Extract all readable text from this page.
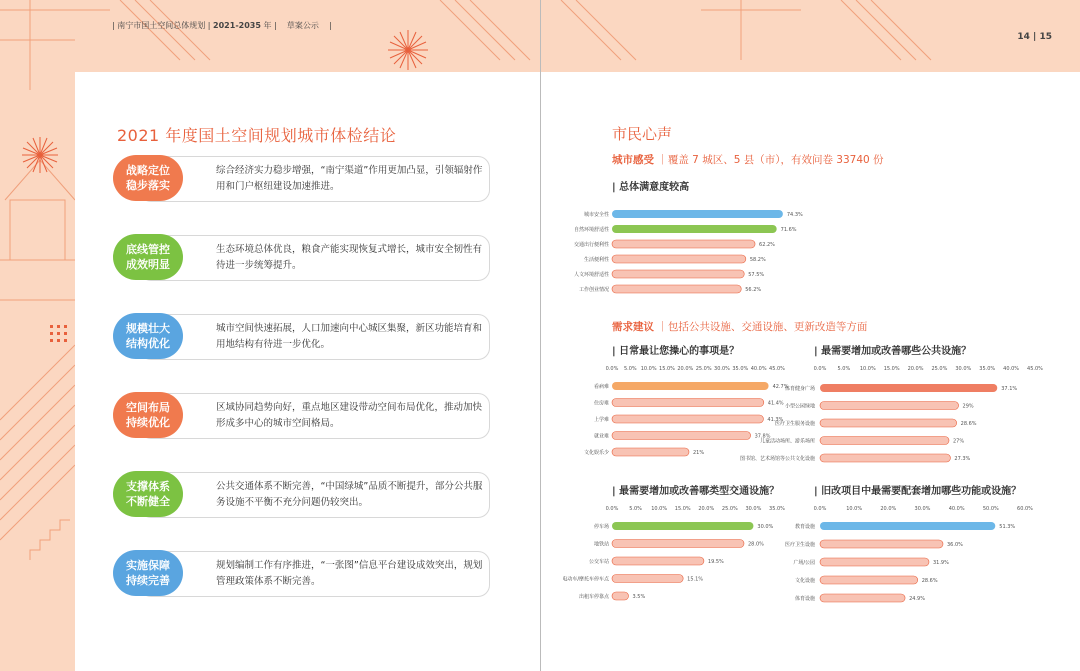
| 南宁市国土空间总体规划 | 2021-2035 年 |    草案公示    |
2021 年度国土空间规划城市体检结论
战略定位
稳步落实
综合经济实力稳步增强，“南宁渠道”作用更加凸显，引领辐射作用和门户枢纽建设加速推进。
底线管控
成效明显
生态环境总体优良，粮食产能实现恢复式增长，城市安全韧性有待进一步统筹提升。
规模壮大
结构优化
城市空间快速拓展，人口加速向中心城区集聚，新区功能培育和用地结构有待进一步优化。
空间布局
持续优化
区域协同趋势向好，重点地区建设带动空间布局优化，推动加快形成多中心的城市空间格局。
支撑体系
不断健全
公共交通体系不断完善，“中国绿城”品质不断提升，部分公共服务设施不平衡不充分问题仍较突出。
实施保障
持续完善
规划编制工作有序推进，“一张图”信息平台建设成效突出，规划管理政策体系不断完善。
14 | 15
市民心声
城市感受 ｜覆盖 7 城区、5 县（市），有效问卷 33740 份
| 总体满意度较高
需求建议 ｜包括公共设施、交通设施、更新改造等方面
| 日常最让您操心的事项是？	| 最需要增加或改善哪些公共设施？
| 最需要增加或改善哪类型交通设施？	| 旧改项目中最需要配套增加哪些功能或设施？
城市安全性	74.3%
自然环境舒适性	71.6%
交通出行便利性	62.2%
生活便利性	58.2%
人文环境舒适性	57.5%
工作创业情况	56.2%
0.0% 5.0% 10.0% 15.0% 20.0% 25.0% 30.0% 35.0% 40.0% 45.0%
看病难	42.7%
住房难	41.4%
上学难	41.3%
就业难	37.8%
文化娱乐少	21%
0.0% 5.0% 10.0% 15.0% 20.0% 25.0% 30.0% 35.0% 40.0% 45.0%
体育健身广场	37.1%
小型公园绿地	29%
医疗卫生服务设施	28.6%
儿童活动场所、游乐场所	27%
图书馆、艺术场馆等公共文化设施	27.3%
0.0% 5.0% 10.0% 15.0% 20.0% 25.0% 30.0% 35.0%
停车场	30.0%
地铁站	28.0%
公交车站	19.5%
电动车/摩托车停车点	15.1%
出租车停靠点	3.5%
0.0%	10.0%	20.0%	30.0%	40.0%	50.0%	60.0%
教育设施	51.3%
医疗卫生设施	36.0%
广场/公园	31.9%
文化设施	28.6%
体育设施	24.9%
